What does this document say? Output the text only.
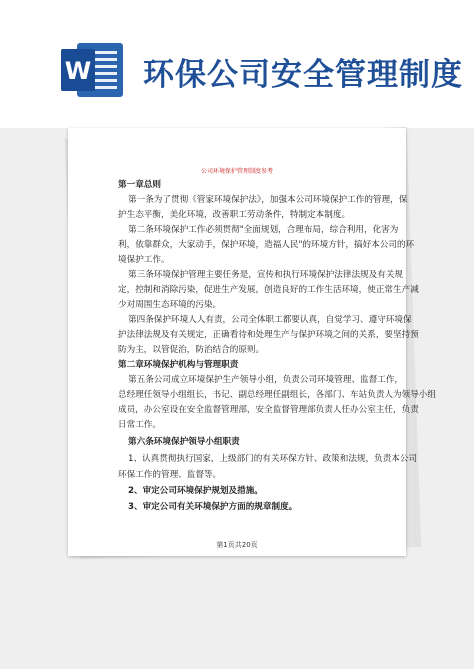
W 环保公司安全管理制度
公司环境保护管理制度参考
第一章总则
第一条为了贯彻《管家环境保护法》，加强本公司环境保护工作的管理，保
护生态平衡，美化环境，改善职工劳动条件，特制定本制度。
第二条环境保护工作必须贯彻"全面规划，合理布局，综合利用，化害为
利，依靠群众，大家动手，保护环境，造福人民"的环境方针，搞好本公司的环
境保护工作。
第三条环境保护管理主要任务是，宣传和执行环境保护法律法规及有关规
定，控制和消除污染，促进生产发展，创造良好的工作生活环境，使正常生产减
少对周围生态环境的污染。
第四条保护环境人人有责，公司全体职工都要认真，自觉学习、遵守环境保
护法律法规及有关规定，正确看待和处理生产与保护环境之间的关系，要坚持预
防为主，以管促治，防治结合的原则。
第二章环境保护机构与管理职责
第五条公司成立环境保护生产领导小组，负责公司环境管理、监督工作，
总经理任领导小组组长，书记、副总经理任副组长，各部门、车站负责人为领导小组
成员，办公室设在安全监督管理部，安全监督管理部负责人任办公室主任，负责
日常工作。
第六条环境保护领导小组职责
1、认真贯彻执行国家，上级部门的有关环保方针、政策和法规，负责本公司
环保工作的管理、监督等。
2、审定公司环境保护规划及措施。
3、审定公司有关环境保护方面的规章制度。
第1页共20页
